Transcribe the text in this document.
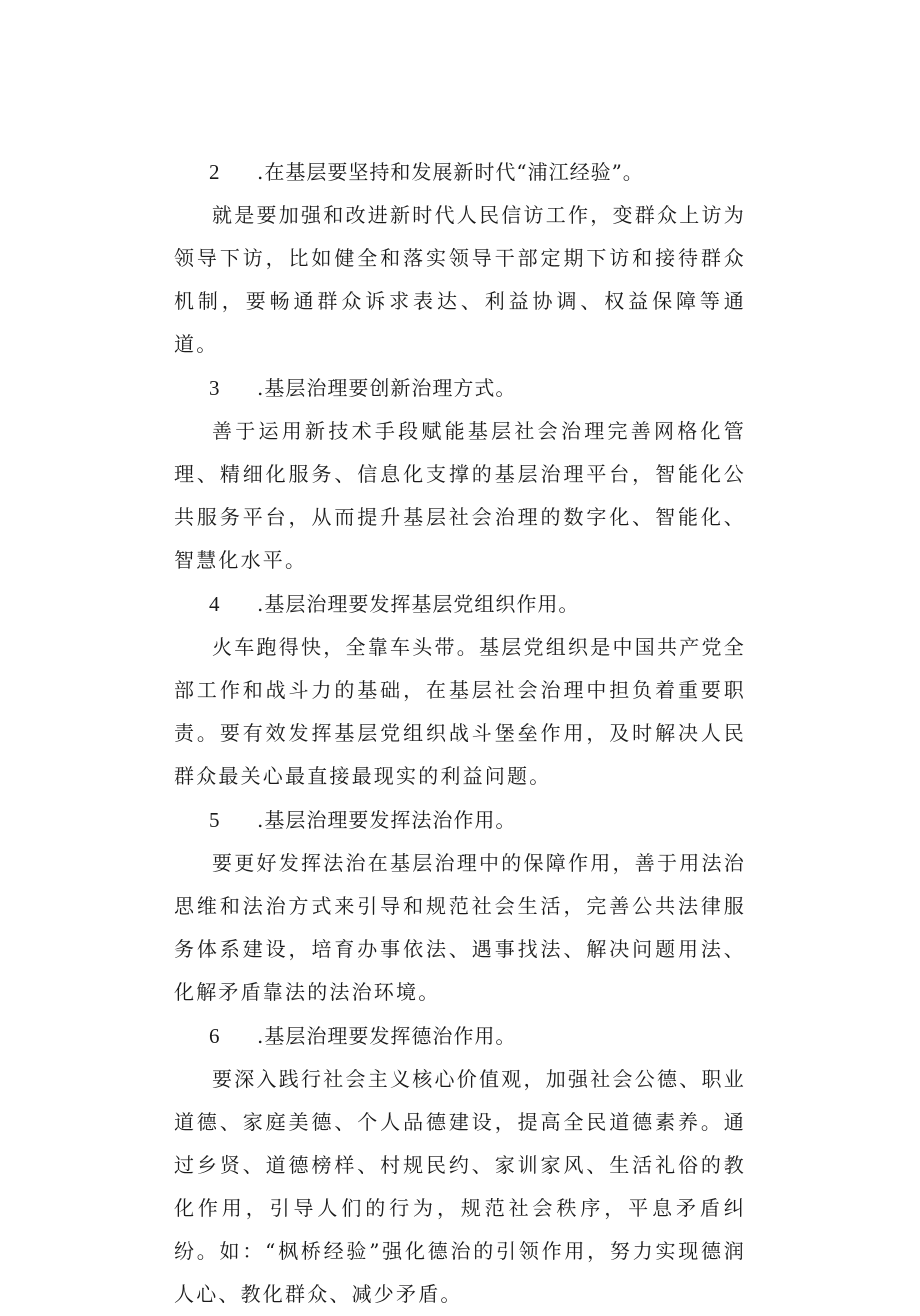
2	.在基层要坚持和发展新时代“浦江经验”。

就是要加强和改进新时代人民信访工作，变群众上访为领导下访，比如健全和落实领导干部定期下访和接待群众机制，要畅通群众诉求表达、利益协调、权益保障等通道。

3	.基层治理要创新治理方式。

善于运用新技术手段赋能基层社会治理完善网格化管理、精细化服务、信息化支撑的基层治理平台，智能化公共服务平台，从而提升基层社会治理的数字化、智能化、智慧化水平。

4	.基层治理要发挥基层党组织作用。

火车跑得快，全靠车头带。基层党组织是中国共产党全部工作和战斗力的基础，在基层社会治理中担负着重要职责。要有效发挥基层党组织战斗堡垒作用，及时解决人民群众最关心最直接最现实的利益问题。

5	.基层治理要发挥法治作用。

要更好发挥法治在基层治理中的保障作用，善于用法治思维和法治方式来引导和规范社会生活，完善公共法律服务体系建设，培育办事依法、遇事找法、解决问题用法、化解矛盾靠法的法治环境。

6	.基层治理要发挥德治作用。

要深入践行社会主义核心价值观，加强社会公德、职业道德、家庭美德、个人品德建设，提高全民道德素养。通过乡贤、道德榜样、村规民约、家训家风、生活礼俗的教化作用，引导人们的行为，规范社会秩序，平息矛盾纠纷。如：“枫桥经验”强化德治的引领作用，努力实现德润人心、教化群众、减少矛盾。
